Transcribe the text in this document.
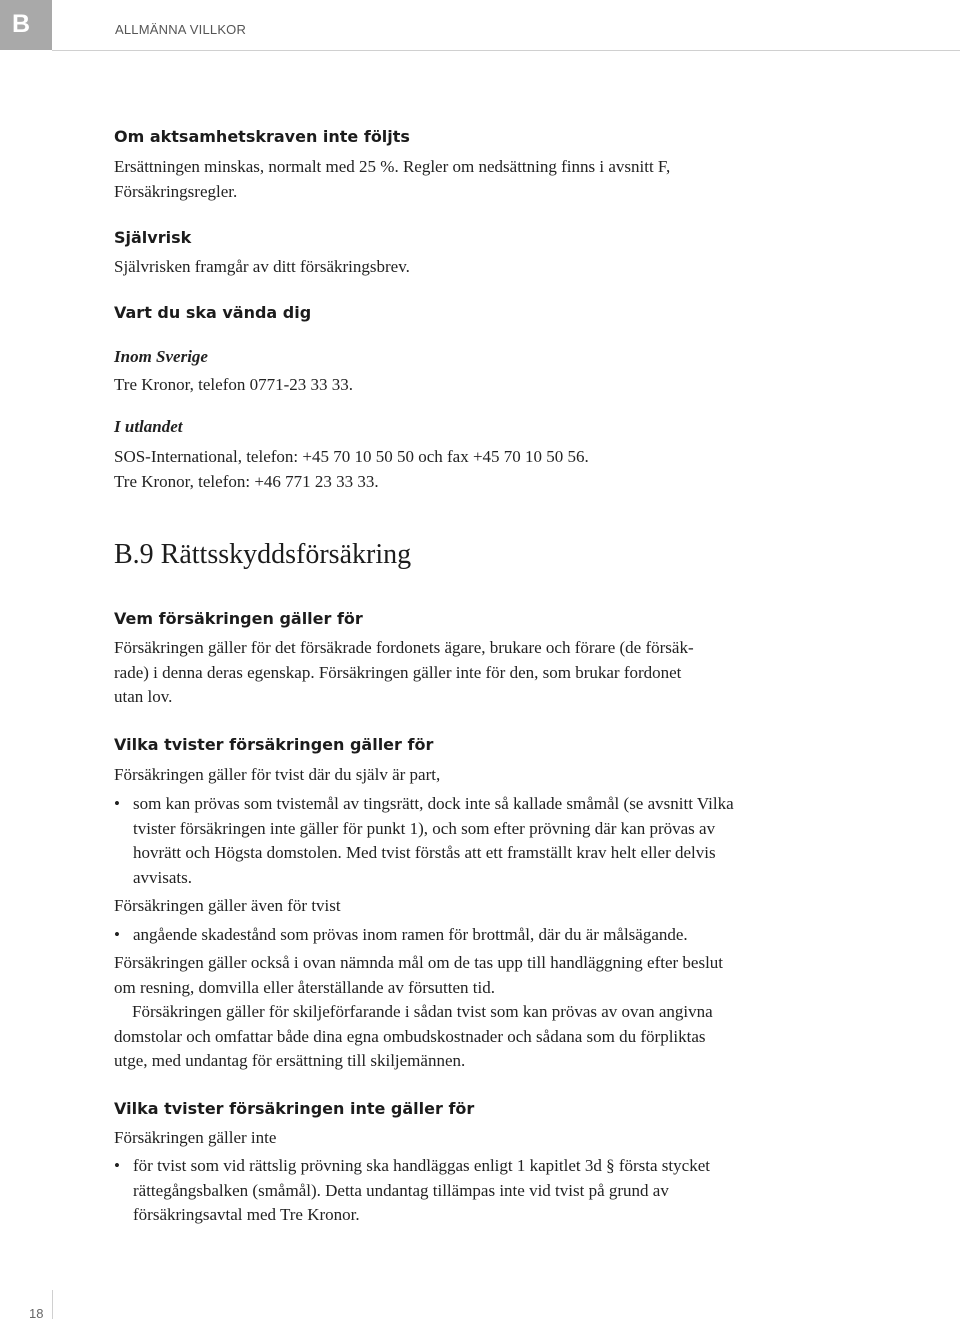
B	ALLMÄNNA VILLKOR
Om aktsamhetskraven inte följts

Ersättningen minskas, normalt med 25 %. Regler om nedsättning finns i avsnitt F, Försäkringsregler.

Självrisk

Självrisken framgår av ditt försäkringsbrev.

Vart du ska vända dig

Inom Sverige

Tre Kronor, telefon 0771-23 33 33.

I utlandet

SOS-International, telefon: +45 70 10 50 50 och fax +45 70 10 50 56.

Tre Kronor, telefon: +46 771 23 33 33.

B.9 Rättsskyddsförsäkring
Vem försäkringen gäller för

Försäkringen gäller för det försäkrade fordonets ägare, brukare och förare (de försäk-

rade) i denna deras egenskap. Försäkringen gäller inte för den, som brukar fordonet

utan lov.

Vilka tvister försäkringen gäller för

Försäkringen gäller för tvist där du själv är part,

• som kan prövas som tvistemål av tingsrätt, dock inte så kallade småmål (se avsnitt Vilka tvister försäkringen inte gäller för punkt 1), och som efter prövning där kan prövas av hovrätt och Högsta domstolen. Med tvist förstås att ett framställt krav helt eller delvis avvisats.

Försäkringen gäller även för tvist

• angående skadestånd som prövas inom ramen för brottmål, där du är målsägande.

Försäkringen gäller också i ovan nämnda mål om de tas upp till handläggning efter beslut om resning, domvilla eller återställande av försutten tid.

Försäkringen gäller för skiljeförfarande i sådan tvist som kan prövas av ovan angivna domstolar och omfattar både dina egna ombudskostnader och sådana som du förpliktas utge, med undantag för ersättning till skiljemännen.

Vilka tvister försäkringen inte gäller för

Försäkringen gäller inte

• för tvist som vid rättslig prövning ska handläggas enligt 1 kapitlet 3d § första stycket rättegångsbalken (småmål). Detta undantag tillämpas inte vid tvist på grund av försäkringsavtal med Tre Kronor.
18
